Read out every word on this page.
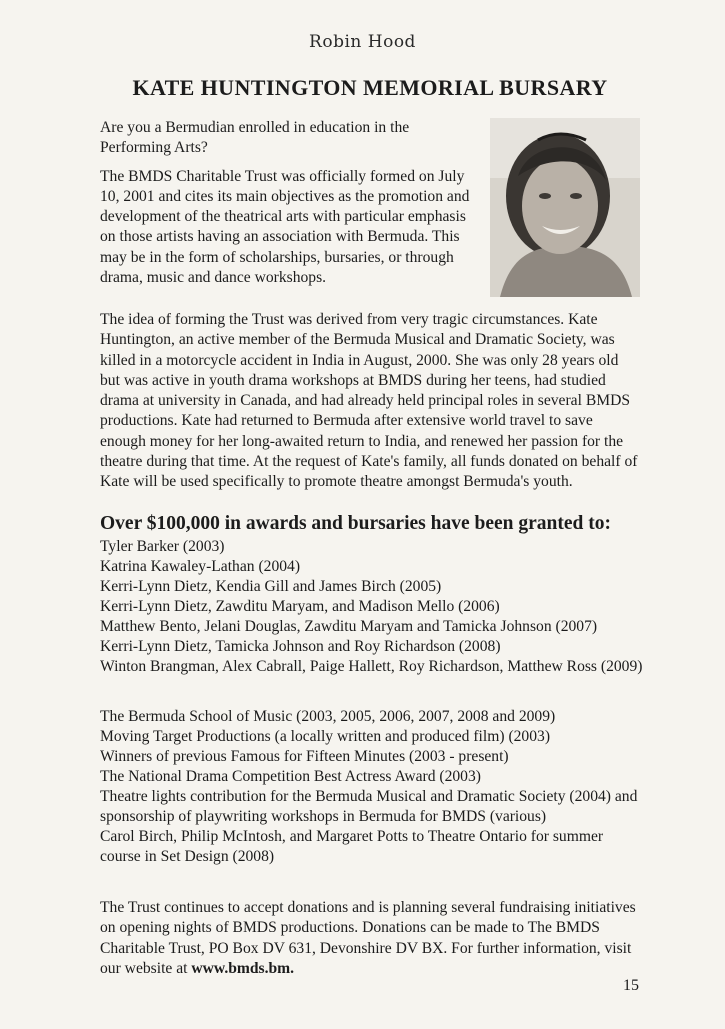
Robin Hood
KATE HUNTINGTON MEMORIAL BURSARY

Are you a Bermudian enrolled in education in the Performing Arts?

The BMDS Charitable Trust was officially formed on July 10, 2001 and cites its main objectives as the promotion and development of the theatrical arts with particular emphasis on those artists having an association with Bermuda. This may be in the form of scholarships, bursaries, or through drama, music and dance workshops.

The idea of forming the Trust was derived from very tragic circumstances. Kate Huntington, an active member of the Bermuda Musical and Dramatic Society, was killed in a motorcycle accident in India in August, 2000. She was only 28 years old but was active in youth drama workshops at BMDS during her teens, had studied drama at university in Canada, and had already held principal roles in several BMDS productions. Kate had returned to Bermuda after extensive world travel to save enough money for her long-awaited return to India, and renewed her passion for the theatre during that time. At the request of Kate's family, all funds donated on behalf of Kate will be used specifically to promote theatre amongst Bermuda's youth.

Over $100,000 in awards and bursaries have been granted to:
Tyler Barker (2003)
Katrina Kawaley-Lathan (2004)
Kerri-Lynn Dietz, Kendia Gill and James Birch (2005)
Kerri-Lynn Dietz, Zawditu Maryam, and Madison Mello (2006)
Matthew Bento, Jelani Douglas, Zawditu Maryam and Tamicka Johnson (2007)
Kerri-Lynn Dietz, Tamicka Johnson and Roy Richardson (2008)
Winton Brangman, Alex Cabrall, Paige Hallett, Roy Richardson, Matthew Ross (2009)
The Bermuda School of Music (2003, 2005, 2006, 2007, 2008 and 2009)
Moving Target Productions (a locally written and produced film) (2003)
Winners of previous Famous for Fifteen Minutes (2003 - present)
The National Drama Competition Best Actress Award (2003)
Theatre lights contribution for the Bermuda Musical and Dramatic Society (2004) and sponsorship of playwriting workshops in Bermuda for BMDS (various)
Carol Birch, Philip McIntosh, and Margaret Potts to Theatre Ontario for summer course in Set Design (2008)
The Trust continues to accept donations and is planning several fundraising initiatives on opening nights of BMDS productions. Donations can be made to The BMDS Charitable Trust, PO Box DV 631, Devonshire DV BX. For further information, visit our website at www.bmds.bm.
15
